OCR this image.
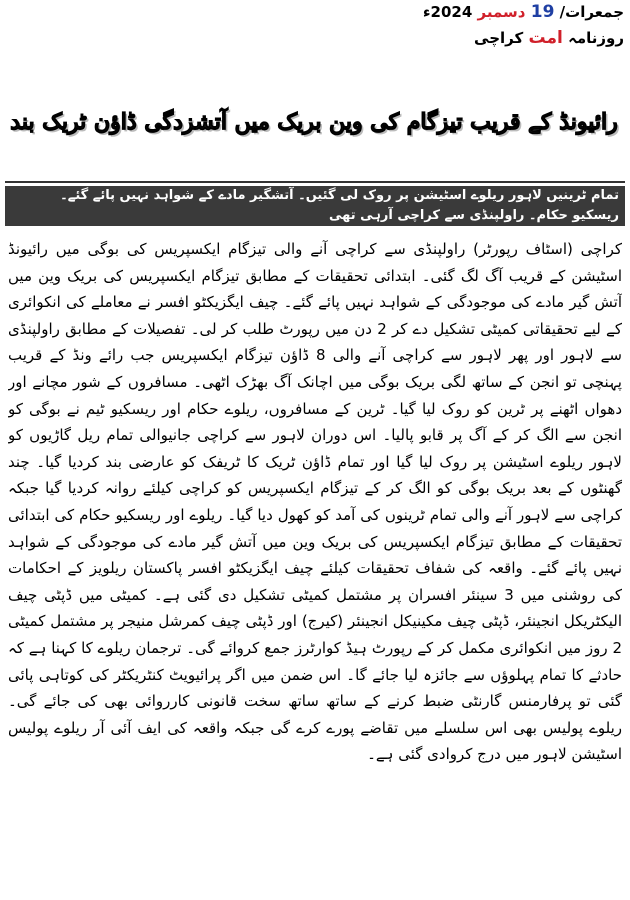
جمعرات/ 19 دسمبر 2024ء
روزنامہ امت کراچی
رائیونڈ کے قریب تیزگام کی وین بریک میں آتشزدگی ڈاؤن ٹریک بند
تمام ٹرینیں لاہور ریلوے اسٹیشن پر روک لی گئیں۔ آتشگیر مادے کے شواہد نہیں پائے گئے۔ ریسکیو حکام۔ راولپنڈی سے کراچی آرہی تھی
کراچی (اسٹاف رپورٹر) راولپنڈی سے کراچی آنے والی تیزگام ایکسپریس کی بوگی میں رائیونڈ اسٹیشن کے قریب آگ لگ گئی۔ ابتدائی تحقیقات کے مطابق تیزگام ایکسپریس کی بریک وین میں آتش گیر مادے کی موجودگی کے شواہد نہیں پائے گئے۔ چیف ایگزیکٹو افسر نے معاملے کی انکوائری کے لیے تحقیقاتی کمیٹی تشکیل دے کر 2 دن میں رپورٹ طلب کر لی۔ تفصیلات کے مطابق راولپنڈی سے لاہور اور پھر لاہور سے کراچی آنے والی 8 ڈاؤن تیزگام ایکسپریس جب رائے ونڈ کے قریب پہنچی تو انجن کے ساتھ لگی بریک بوگی میں اچانک آگ بھڑک اٹھی۔ مسافروں کے شور مچانے اور دھواں اٹھنے پر ٹرین کو روک لیا گیا۔ ٹرین کے مسافروں، ریلوے حکام اور ریسکیو ٹیم نے بوگی کو انجن سے الگ کر کے آگ پر قابو پالیا۔ اس دوران لاہور سے کراچی جانیوالی تمام ریل گاڑیوں کو لاہور ریلوے اسٹیشن پر روک لیا گیا اور تمام ڈاؤن ٹریک کا ٹریفک کو عارضی بند کردیا گیا۔ چند گھنٹوں کے بعد بریک بوگی کو الگ کر کے تیزگام ایکسپریس کو کراچی کیلئے روانہ کردیا گیا جبکہ کراچی سے لاہور آنے والی تمام ٹرینوں کی آمد کو کھول دیا گیا۔ ریلوے اور ریسکیو حکام کی ابتدائی تحقیقات کے مطابق تیزگام ایکسپریس کی بریک وین میں آتش گیر مادے کی موجودگی کے شواہد نہیں پائے گئے۔ واقعہ کی شفاف تحقیقات کیلئے چیف ایگزیکٹو افسر پاکستان ریلویز کے احکامات کی روشنی میں 3 سینئر افسران پر مشتمل کمیٹی تشکیل دی گئی ہے۔ کمیٹی میں ڈپٹی چیف الیکٹریکل انجینئر، ڈپٹی چیف مکینیکل انجینئر (کیرج) اور ڈپٹی چیف کمرشل منیجر پر مشتمل کمیٹی 2 روز میں انکوائری مکمل کر کے رپورٹ ہیڈ کوارٹرز جمع کروائے گی۔ ترجمان ریلوے کا کہنا ہے کہ حادثے کا تمام پہلوؤں سے جائزہ لیا جائے گا۔ اس ضمن میں اگر پرائیویٹ کنٹریکٹر کی کوتاہی پائی گئی تو پرفارمنس گارنٹی ضبط کرنے کے ساتھ ساتھ سخت قانونی کارروائی بھی کی جائے گی۔ ریلوے پولیس بھی اس سلسلے میں تقاضے پورے کرے گی جبکہ واقعہ کی ایف آئی آر ریلوے پولیس اسٹیشن لاہور میں درج کروادی گئی ہے۔
